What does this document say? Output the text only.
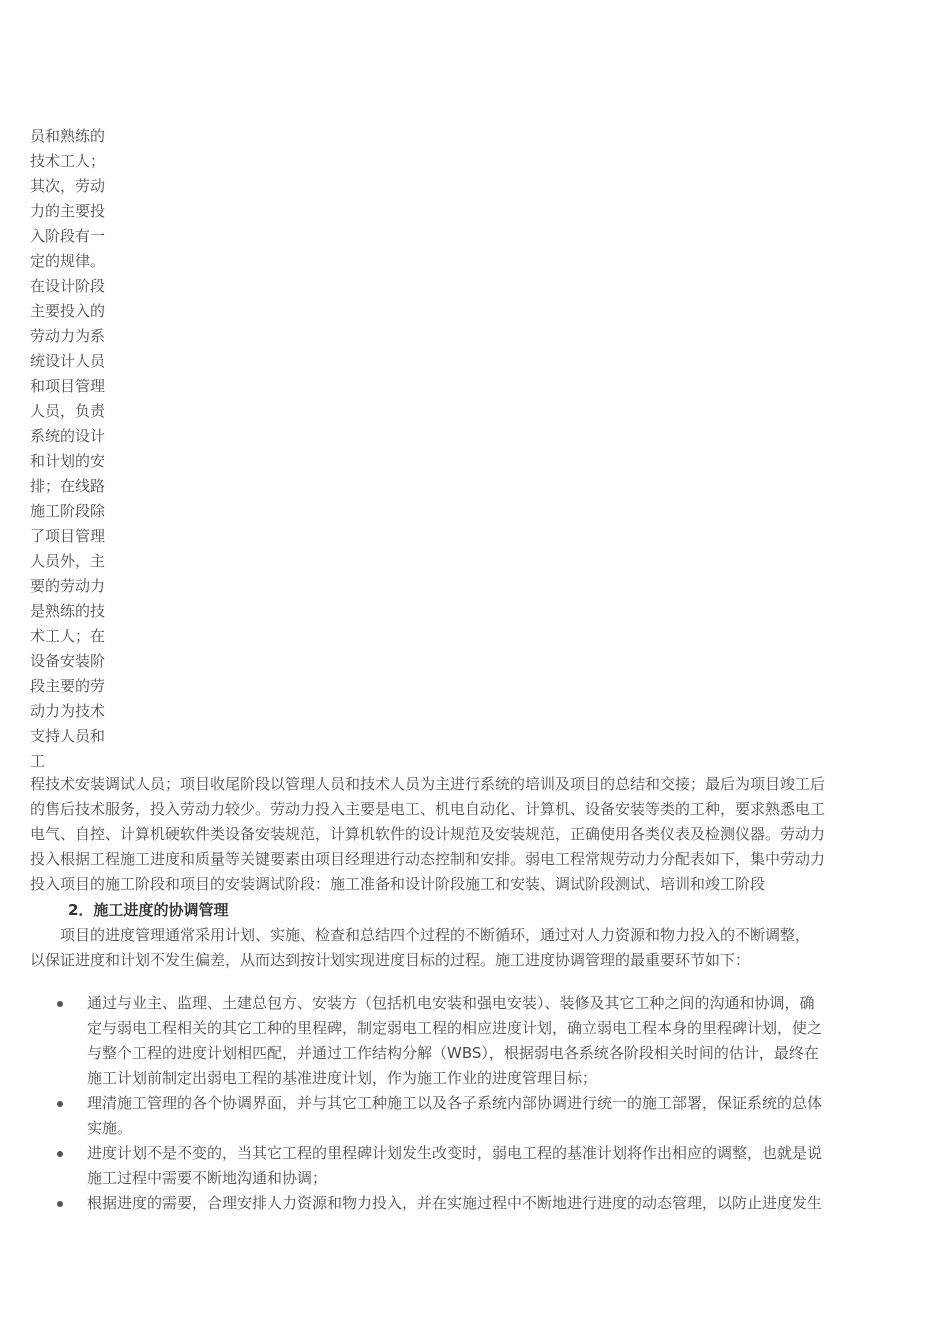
员和熟练的
技术工人；
其次，劳动
力的主要投
入阶段有一
定的规律。
在设计阶段
主要投入的
劳动力为系
统设计人员
和项目管理
人员，负责
系统的设计
和计划的安
排；在线路
施工阶段除
了项目管理
人员外，主
要的劳动力
是熟练的技
术工人；在
设备安装阶
段主要的劳
动力为技术
支持人员和
工
程技术安装调试人员；项目收尾阶段以管理人员和技术人员为主进行系统的培训及项目的总结和交接；最后为项目竣工后
的售后技术服务，投入劳动力较少。劳动力投入主要是电工、机电自动化、计算机、设备安装等类的工种，要求熟悉电工
电气、自控、计算机硬软件类设备安装规范，计算机软件的设计规范及安装规范，正确使用各类仪表及检测仪器。劳动力
投入根据工程施工进度和质量等关键要素由项目经理进行动态控制和安排。弱电工程常规劳动力分配表如下，集中劳动力
投入项目的施工阶段和项目的安装调试阶段：施工准备和设计阶段施工和安装、调试阶段测试、培训和竣工阶段
2．施工进度的协调管理
　　项目的进度管理通常采用计划、实施、检查和总结四个过程的不断循环，通过对人力资源和物力投入的不断调整，
以保证进度和计划不发生偏差，从而达到按计划实现进度目标的过程。施工进度协调管理的最重要环节如下：
通过与业主、监理、土建总包方、安装方（包括机电安装和强电安装）、装修及其它工种之间的沟通和协调，确
定与弱电工程相关的其它工种的里程碑，制定弱电工程的相应进度计划，确立弱电工程本身的里程碑计划，使之
与整个工程的进度计划相匹配，并通过工作结构分解（WBS），根据弱电各系统各阶段相关时间的估计，最终在
施工计划前制定出弱电工程的基准进度计划，作为施工作业的进度管理目标；
理清施工管理的各个协调界面，并与其它工种施工以及各子系统内部协调进行统一的施工部署，保证系统的总体
实施。
进度计划不是不变的，当其它工程的里程碑计划发生改变时，弱电工程的基准计划将作出相应的调整，也就是说
施工过程中需要不断地沟通和协调；
根据进度的需要，合理安排人力资源和物力投入，并在实施过程中不断地进行进度的动态管理，以防止进度发生
